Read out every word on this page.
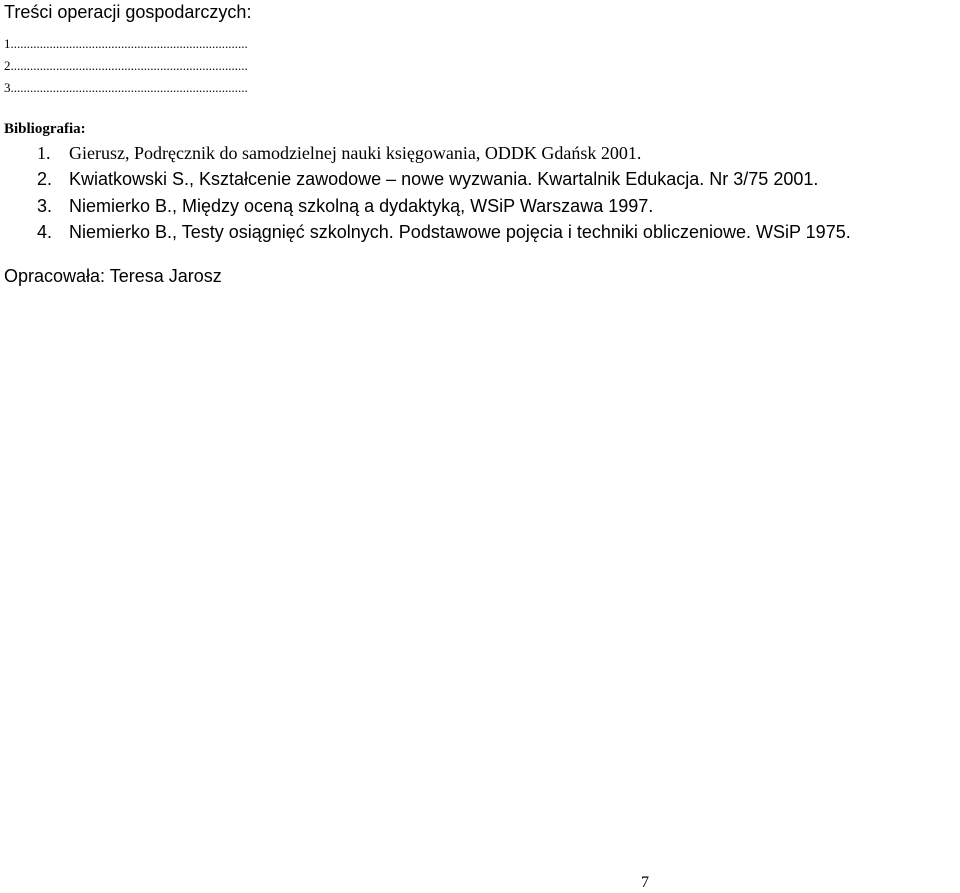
Treści operacji gospodarczych:
1.........................................................................
2.........................................................................
3.........................................................................
Bibliografia:
1. Gierusz, Podręcznik do samodzielnej nauki księgowania, ODDK Gdańsk 2001.
2. Kwiatkowski S., Kształcenie zawodowe – nowe wyzwania. Kwartalnik Edukacja. Nr 3/75 2001.
3. Niemierko B., Między oceną szkolną a dydaktyką, WSiP Warszawa 1997.
4. Niemierko B., Testy osiągnięć szkolnych. Podstawowe pojęcia i techniki obliczeniowe. WSiP 1975.
Opracowała: Teresa Jarosz
7
